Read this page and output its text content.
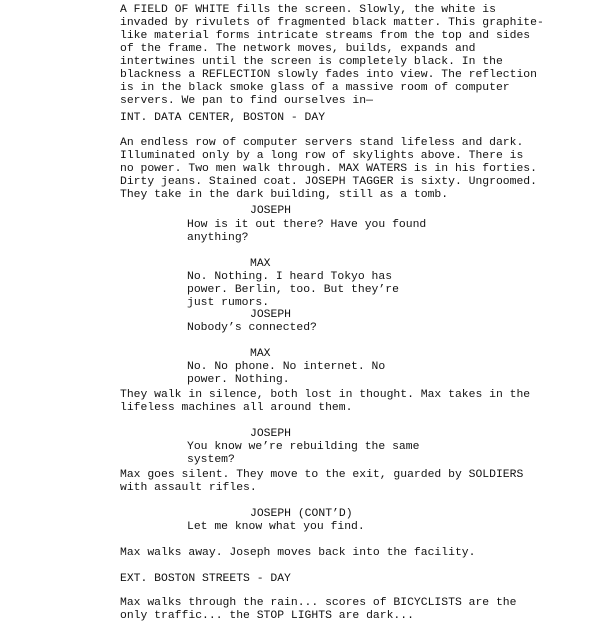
A FIELD OF WHITE fills the screen. Slowly, the white is
invaded by rivulets of fragmented black matter. This graphite-
like material forms intricate streams from the top and sides
of the frame. The network moves, builds, expands and
intertwines until the screen is completely black. In the
blackness a REFLECTION slowly fades into view. The reflection
is in the black smoke glass of a massive room of computer
servers. We pan to find ourselves in—
INT. DATA CENTER, BOSTON - DAY
An endless row of computer servers stand lifeless and dark.
Illuminated only by a long row of skylights above. There is
no power. Two men walk through. MAX WATERS is in his forties.
Dirty jeans. Stained coat. JOSEPH TAGGER is sixty. Ungroomed.
They take in the dark building, still as a tomb.
JOSEPH
How is it out there? Have you found
anything?
MAX
No. Nothing. I heard Tokyo has
power. Berlin, too. But they’re
just rumors.
JOSEPH
Nobody’s connected?
MAX
No. No phone. No internet. No
power. Nothing.
They walk in silence, both lost in thought. Max takes in the
lifeless machines all around them.
JOSEPH
You know we’re rebuilding the same
system?
Max goes silent. They move to the exit, guarded by SOLDIERS
with assault rifles.
JOSEPH (CONT’D)
Let me know what you find.
Max walks away. Joseph moves back into the facility.
EXT. BOSTON STREETS - DAY
Max walks through the rain... scores of BICYCLISTS are the
only traffic... the STOP LIGHTS are dark...
